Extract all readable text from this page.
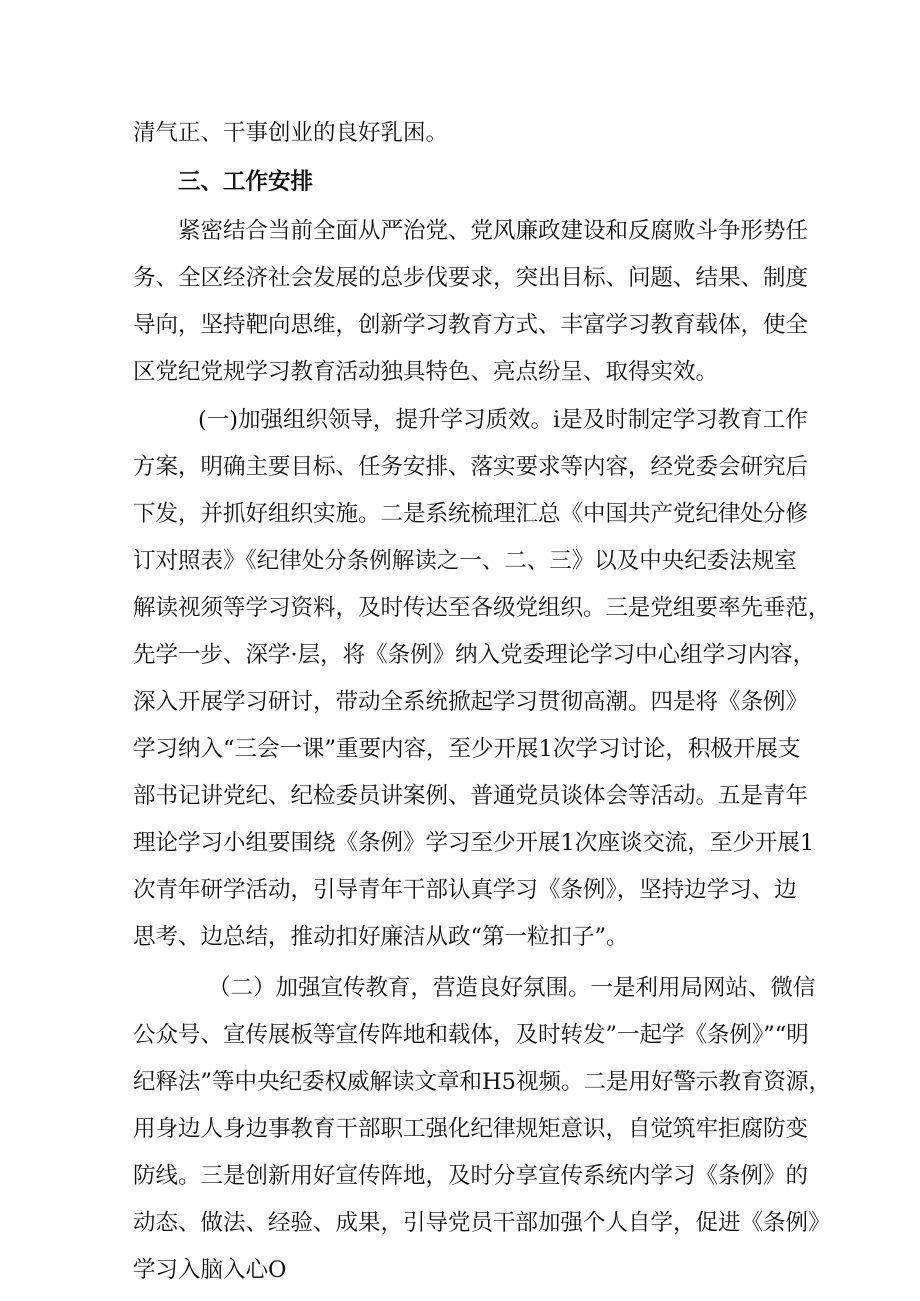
清气正、干事创业的良好乳困。
三、工作安排
紧密结合当前全面从严治党、党风廉政建设和反腐败斗争形势任
务、全区经济社会发展的总步伐要求，突出目标、问题、结果、制度
导向，坚持靶向思维，创新学习教育方式、丰富学习教育载体，使全
区党纪党规学习教育活动独具特色、亮点纷呈、取得实效。
(一)加强组织领导，提升学习质效。i是及时制定学习教育工作
方案，明确主要目标、任务安排、落实要求等内容，经党委会研究后
下发，并抓好组织实施。二是系统梳理汇总《中国共产党纪律处分修
订对照表》《纪律处分条例解读之一、二、三》以及中央纪委法规室
解读视须等学习资料，及时传达至各级党组织。三是党组要率先垂范，
先学一步、深学·层，将《条例》纳入党委理论学习中心组学习内容，
深入开展学习研讨，带动全系统掀起学习贯彻高潮。四是将《条例》
学习纳入“三会一课”重要内容，至少开展1次学习讨论，积极开展支
部书记讲党纪、纪检委员讲案例、普通党员谈体会等活动。五是青年
理论学习小组要围绕《条例》学习至少开展1次座谈交流，至少开展1
次青年研学活动，引导青年干部认真学习《条例》，坚持边学习、边
思考、边总结，推动扣好廉洁从政“第一粒扣子”。
（二）加强宣传教育，营造良好氛围。一是利用局网站、微信
公众号、宣传展板等宣传阵地和载体，及时转发”一起学《条例》”“明
纪释法”等中央纪委权威解读文章和H5视频。二是用好警示教育资源，
用身边人身边事教育干部职工强化纪律规矩意识，自觉筑牢拒腐防变
防线。三是创新用好宣传阵地，及时分享宣传系统内学习《条例》的
动态、做法、经验、成果，引导党员干部加强个人自学，促进《条例》
学习入脑入心O
